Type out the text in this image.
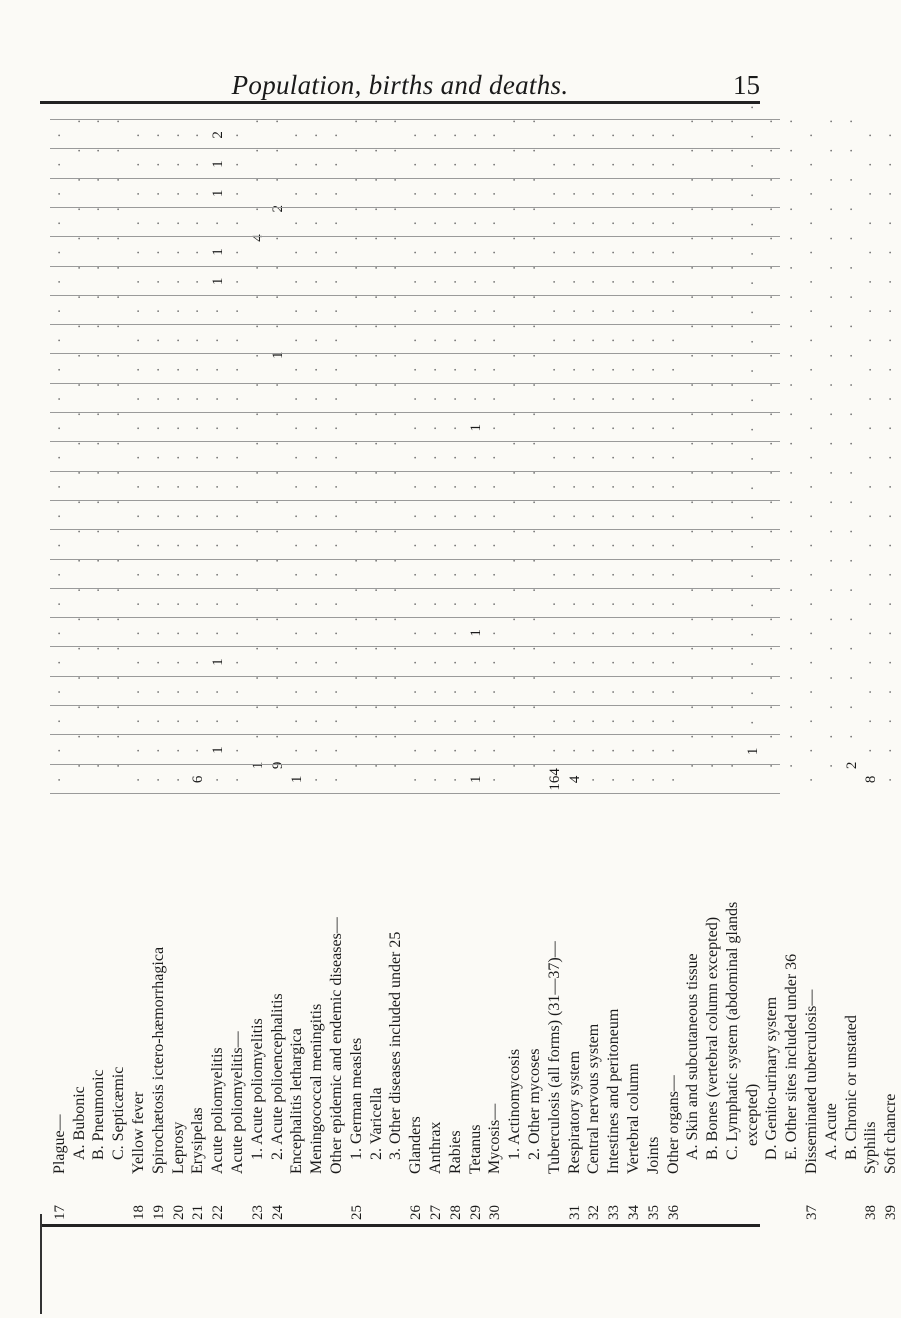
Population, births and deaths.	15
17
Plague—
·
·
·
·
·
·
·
·
·
·
·
·
·
·
·
·
·
·
·
·
·
·
·
A. Bubonic
·
·
·
·
·
·
·
·
·
·
·
·
·
·
·
·
·
·
·
·
·
·
·
B. Pneumonic
·
·
·
·
·
·
·
·
·
·
·
·
·
·
·
·
·
·
·
·
·
·
·
C. Septicæmic
·
·
·
·
·
·
·
·
·
·
·
·
·
·
·
·
·
·
·
·
·
·
·
18
Yellow fever
·
·
·
·
·
·
·
·
·
·
·
·
·
·
·
·
·
·
·
·
·
·
·
19
Spirochætosis ictero-hæmorrhagica
·
·
·
·
·
·
·
·
·
·
·
·
·
·
·
·
·
·
·
·
·
·
·
20
Leprosy
·
·
·
·
·
·
·
·
·
·
·
·
·
·
·
·
·
·
·
·
·
·
·
21
Erysipelas
6
·
·
·
·
·
·
·
·
·
·
·
·
·
·
·
·
·
·
·
·
·
·
22
Acute poliomyelitis
·
1
·
·
1
·
·
·
·
·
·
·
·
·
·
·
·
1
1
·
1
1
2
Acute poliomyelitis—
·
·
·
·
·
·
·
·
·
·
·
·
·
·
·
·
·
·
·
·
·
·
·
23
1. Acute poliomyelitis
1
·
·
·
·
·
·
·
·
·
·
·
·
·
·
·
·
·
4
·
·
·
·
24
2. Acute polioencephalitis
9
·
·
·
·
·
·
·
·
·
·
·
·
·
1
·
·
·
·
2
·
·
·
Encephalitis lethargica
1
·
·
·
·
·
·
·
·
·
·
·
·
·
·
·
·
·
·
·
·
·
·
Meningococcal meningitis
·
·
·
·
·
·
·
·
·
·
·
·
·
·
·
·
·
·
·
·
·
·
·
Other epidemic and endemic diseases—
·
·
·
·
·
·
·
·
·
·
·
·
·
·
·
·
·
·
·
·
·
·
·
25
1. German measles
·
·
·
·
·
·
·
·
·
·
·
·
·
·
·
·
·
·
·
·
·
·
·
2. Varicella
·
·
·
·
·
·
·
·
·
·
·
·
·
·
·
·
·
·
·
·
·
·
·
3. Other diseases included under 25
·
·
·
·
·
·
·
·
·
·
·
·
·
·
·
·
·
·
·
·
·
·
·
26
Glanders
·
·
·
·
·
·
·
·
·
·
·
·
·
·
·
·
·
·
·
·
·
·
·
27
Anthrax
·
·
·
·
·
·
·
·
·
·
·
·
·
·
·
·
·
·
·
·
·
·
·
28
Rabies
·
·
·
·
·
·
·
·
·
·
·
·
·
·
·
·
·
·
·
·
·
·
·
29
Tetanus
1
·
·
·
·
1
·
·
·
·
·
·
1
·
·
·
·
·
·
·
·
·
·
30
Mycosis—
·
·
·
·
·
·
·
·
·
·
·
·
·
·
·
·
·
·
·
·
·
·
·
1. Actinomycosis
·
·
·
·
·
·
·
·
·
·
·
·
·
·
·
·
·
·
·
·
·
·
·
2. Other mycoses
·
·
·
·
·
·
·
·
·
·
·
·
·
·
·
·
·
·
·
·
·
·
·
Tuberculosis (all forms) (31—37)—
164
·
·
·
·
·
·
·
·
·
·
·
·
·
·
·
·
·
·
·
·
·
·
31
Respiratory system
4
·
·
·
·
·
·
·
·
·
·
·
·
·
·
·
·
·
·
·
·
·
·
32
Central nervous system
·
·
·
·
·
·
·
·
·
·
·
·
·
·
·
·
·
·
·
·
·
·
·
33
Intestines and peritoneum
·
·
·
·
·
·
·
·
·
·
·
·
·
·
·
·
·
·
·
·
·
·
·
34
Vertebral column
·
·
·
·
·
·
·
·
·
·
·
·
·
·
·
·
·
·
·
·
·
·
·
35
Joints
·
·
·
·
·
·
·
·
·
·
·
·
·
·
·
·
·
·
·
·
·
·
·
36
Other organs—
·
·
·
·
·
·
·
·
·
·
·
·
·
·
·
·
·
·
·
·
·
·
·
A. Skin and subcutaneous tissue
·
·
·
·
·
·
·
·
·
·
·
·
·
·
·
·
·
·
·
·
·
·
·
B. Bones (vertebral column excepted)
·
·
·
·
·
·
·
·
·
·
·
·
·
·
·
·
·
·
·
·
·
·
·
C. Lymphatic system (abdominal glands
·
·
·
·
·
·
·
·
·
·
·
·
·
·
·
·
·
·
·
·
·
·
·
excepted)
1
·
·
·
·
·
·
·
·
·
·
·
·
·
·
·
·
·
·
·
·
·
·
D. Genito-urinary system
·
·
·
·
·
·
·
·
·
·
·
·
·
·
·
·
·
·
·
·
·
·
·
E. Other sites included under 36
·
·
·
·
·
·
·
·
·
·
·
·
·
·
·
·
·
·
·
·
·
·
·
37
Disseminated tuberculosis—
·
·
·
·
·
·
·
·
·
·
·
·
·
·
·
·
·
·
·
·
·
·
·
A. Acute
·
·
·
·
·
·
·
·
·
·
·
·
·
·
·
·
·
·
·
·
·
·
·
B. Chronic or unstated
2
·
·
·
·
·
·
·
·
·
·
·
·
·
·
·
·
·
·
·
·
·
·
38
Syphilis
8
·
·
·
·
·
·
·
·
·
·
·
·
·
·
·
·
·
·
·
·
·
·
39
Soft chancre
·
·
·
·
·
·
·
·
·
·
·
·
·
·
·
·
·
·
·
·
·
·
·
